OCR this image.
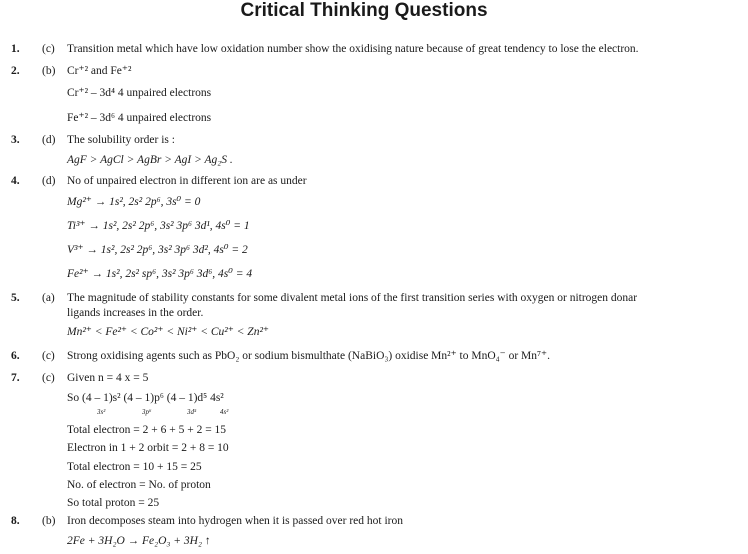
Critical Thinking Questions
1. (c) Transition metal which have low oxidation number show the oxidising nature because of great tendency to lose the electron.
2. (b) Cr⁺² and Fe⁺²
Cr⁺² – 3d⁴ 4 unpaired electrons
Fe⁺² – 3d⁶ 4 unpaired electrons
3. (d) The solubility order is :
AgF > AgCl > AgBr > AgI > Ag₂S .
4. (d) No of unpaired electron in different ion are as under
Mg²⁺ → 1s², 2s² 2p⁶, 3s⁰ = 0
Ti³⁺ → 1s², 2s² 2p⁶, 3s² 3p⁶ 3d¹, 4s⁰ = 1
V³⁺ → 1s², 2s² 2p⁶, 3s² 3p⁶ 3d², 4s⁰ = 2
Fe²⁺ → 1s², 2s² sp⁶, 3s² 3p⁶ 3d⁶, 4s⁰ = 4
5. (a) The magnitude of stability constants for some divalent metal ions of the first transition series with oxygen or nitrogen donar
ligands increases in the order.
Mn²⁺ < Fe²⁺ < Co²⁺ < Ni²⁺ < Cu²⁺ < Zn²⁺
6. (c) Strong oxidising agents such as PbO₂ or sodium bismulthate (NaBiO₃) oxidise Mn²⁺ to MnO₄⁻ or Mn⁷⁺.
7. (c) Given n = 4 x = 5
So (4 – 1)s² (4 – 1)p⁶ (4 – 1)d⁵ 4s²
3s²	3p⁶	3d⁵	4s²
Total electron = 2 + 6 + 5 + 2 = 15
Electron in 1 + 2 orbit = 2 + 8 = 10
Total electron = 10 + 15 = 25
No. of electron = No. of proton
So total proton = 25
8. (b) Iron decomposes steam into hydrogen when it is passed over red hot iron
2Fe + 3H₂O → Fe₂O₃ + 3H₂ ↑
